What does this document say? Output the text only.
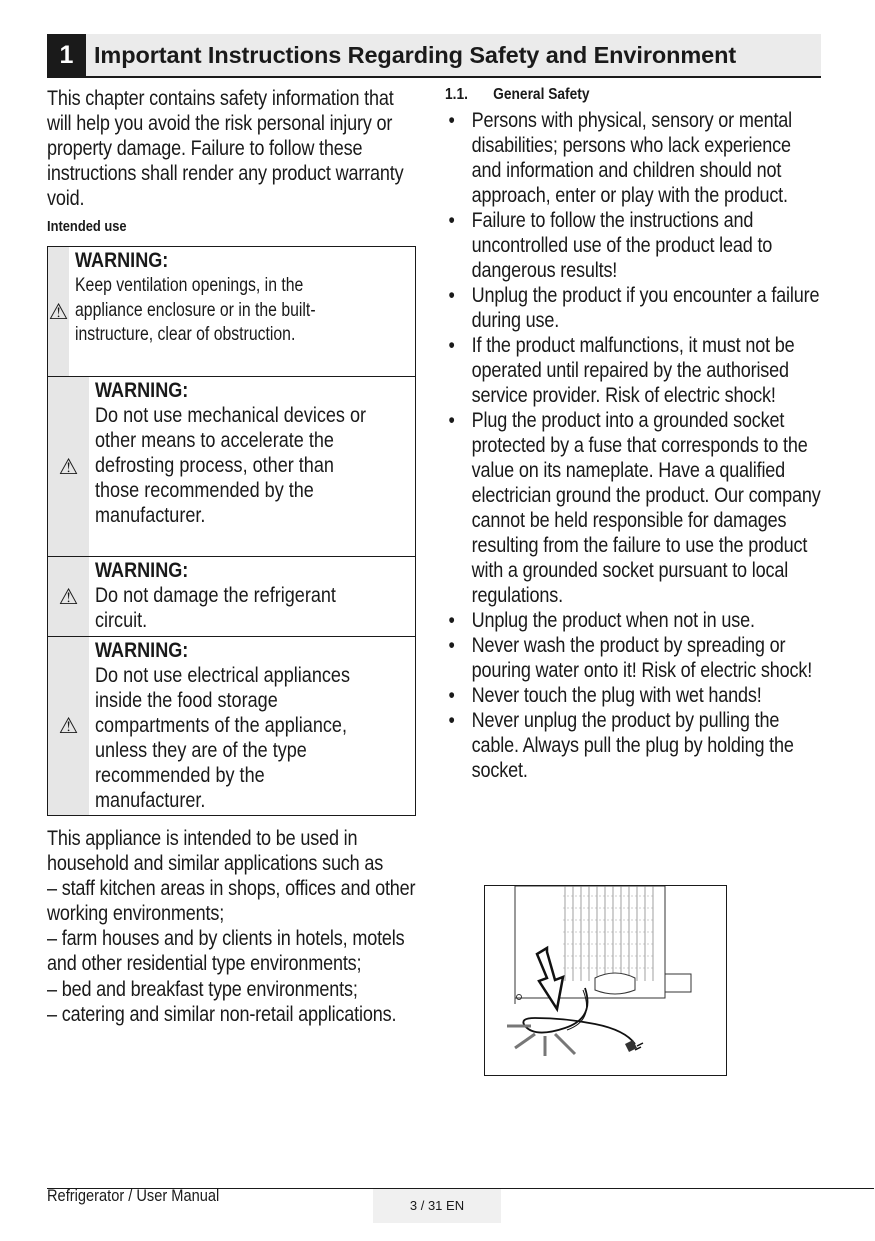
1 Important Instructions Regarding Safety and Environment

This chapter contains safety information that will help you avoid the risk personal injury or property damage. Failure to follow these instructions shall render any product warranty void.

Intended use
⚠
WARNING:
Keep ventilation openings, in the appliance enclosure or in the built-instructure, clear of obstruction.
⚠
WARNING:
Do not use mechanical devices or other means to accelerate the defrosting process, other than those recommended by the manufacturer.
⚠
WARNING:
Do not damage the refrigerant circuit.
⚠
WARNING:
Do not use electrical appliances inside the food storage compartments of the appliance, unless they are of the type recommended by the manufacturer.

This appliance is intended to be used in household and similar applications such as

– staff kitchen areas in shops, offices and other working environments;

– farm houses and by clients in hotels, motels and other residential type environments;

– bed and breakfast type environments;

– catering and similar non-retail applications.

1.1. General Safety
• Persons with physical, sensory or mental disabilities; persons who lack experience and information and children should not approach, enter or play with the product.
• Failure to follow the instructions and uncontrolled use of the product lead to dangerous results!
• Unplug the product if you encounter a failure during use.
• If the product malfunctions, it must not be operated until repaired by the authorised service provider. Risk of electric shock!
• Plug the product into a grounded socket protected by a fuse that corresponds to the value on its nameplate. Have a qualified electrician ground the product. Our company cannot be held responsible for damages resulting from the failure to use the product with a grounded socket pursuant to local regulations.
• Unplug the product when not in use.
• Never wash the product by spreading or pouring water onto it! Risk of electric shock!
• Never touch the plug with wet hands!
• Never unplug the product by pulling the cable. Always pull the plug by holding the socket.
Refrigerator / User Manual
3 / 31 EN
